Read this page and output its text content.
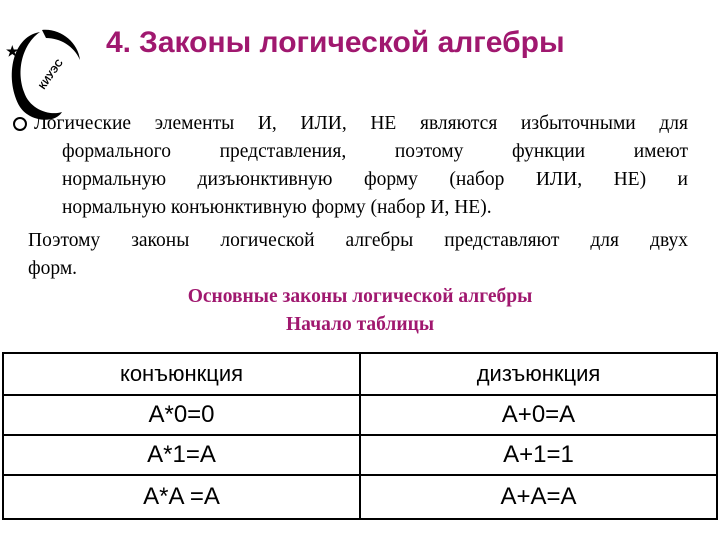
★
КИУЭС
4. Законы логической алгебры
Логические элементы И, ИЛИ, НЕ являются избыточными для
формального представления, поэтому функции имеют
нормальную дизъюнктивную форму (набор ИЛИ, НЕ) и
нормальную конъюнктивную форму (набор И, НЕ).
Поэтому законы логической алгебры представляют для двух
форм.
Основные законы логической алгебры
Начало таблицы
конъюнкция	дизъюнкция
A*0=0	A+0=A
A*1=A	A+1=1
A*A =A	A+A=A
